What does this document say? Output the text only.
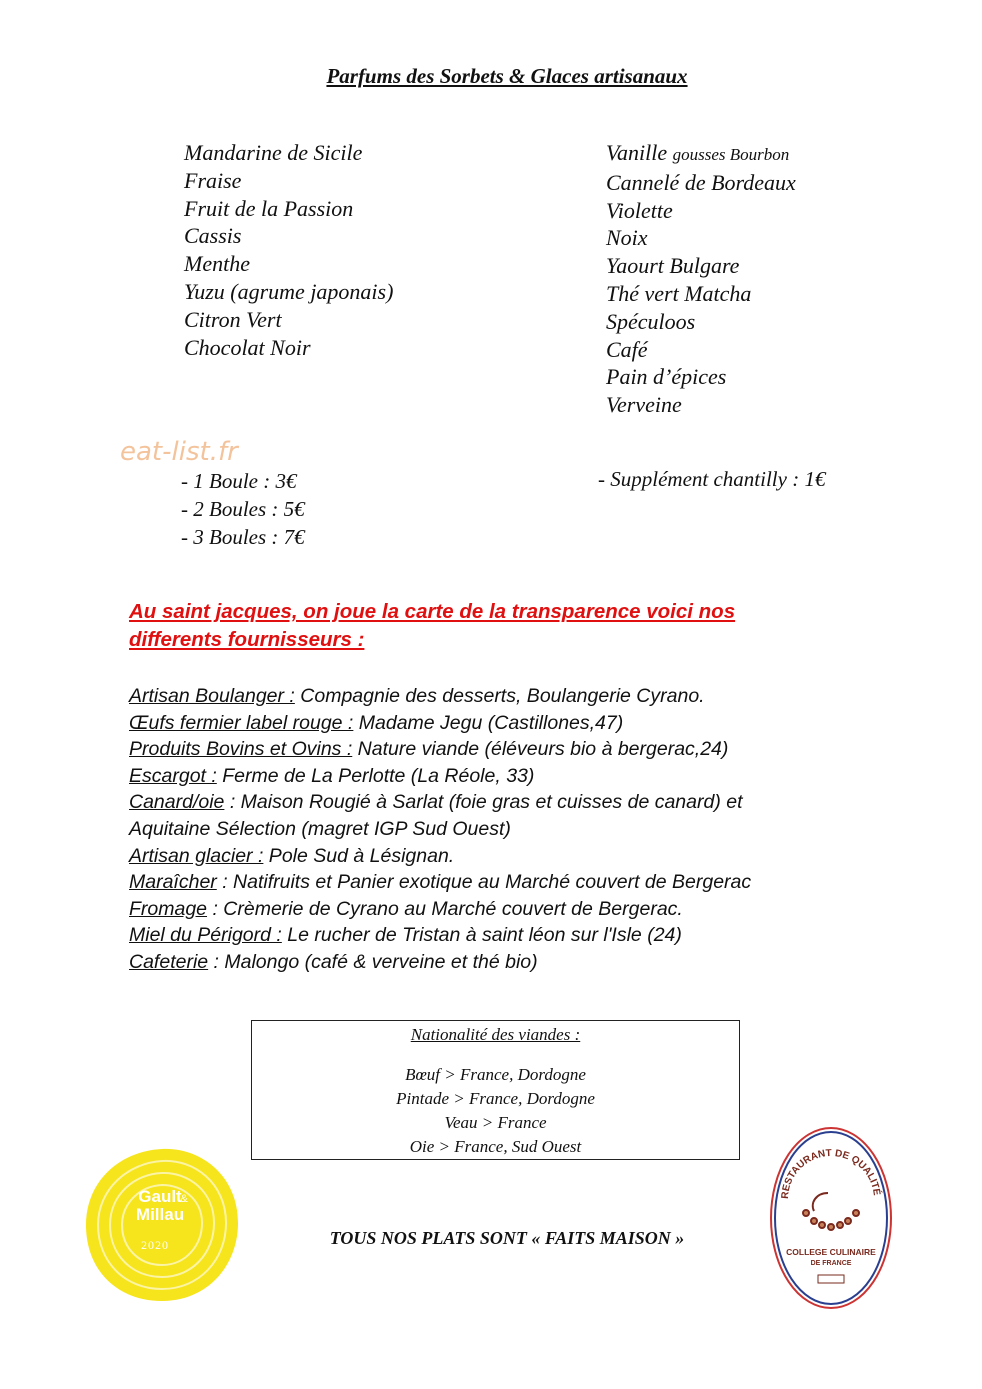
Parfums des Sorbets & Glaces artisanaux
Mandarine de Sicile
Fraise
Fruit de la Passion
Cassis
Menthe
Yuzu (agrume japonais)
Citron Vert
Chocolat Noir
Vanille gousses Bourbon
Cannelé de Bordeaux
Violette
Noix
Yaourt Bulgare
Thé vert Matcha
Spéculoos
Café
Pain d’épices
Verveine
eat-list.fr
- 1 Boule : 3€
- 2 Boules : 5€
- 3 Boules : 7€
- Supplément chantilly : 1€
Au saint jacques, on joue la carte de la transparence voici nos
differents fournisseurs :
Artisan Boulanger : Compagnie des desserts, Boulangerie Cyrano.
Œufs fermier label rouge : Madame Jegu (Castillones,47)
Produits Bovins et Ovins : Nature viande (éléveurs bio à bergerac,24)
Escargot : Ferme de La Perlotte (La Réole, 33)
Canard/oie : Maison Rougié à Sarlat (foie gras et cuisses de canard) et
Aquitaine Sélection (magret IGP Sud Ouest)
Artisan glacier : Pole Sud à Lésignan.
Maraîcher : Natifruits et Panier exotique au Marché couvert de Bergerac
Fromage : Crèmerie de Cyrano au Marché couvert de Bergerac.
Miel du Périgord : Le rucher de Tristan à saint léon sur l'Isle (24)
Cafeterie : Malongo (café & verveine et thé bio)
Nationalité des viandes :
Bœuf > France, Dordogne
Pintade > France, Dordogne
Veau > France
Oie > France, Sud Ouest
TOUS NOS PLATS SONT « FAITS MAISON »
Gault
&
Millau
2020
RESTAURANT DE QUALITÉ
COLLEGE CULINAIRE
DE FRANCE
